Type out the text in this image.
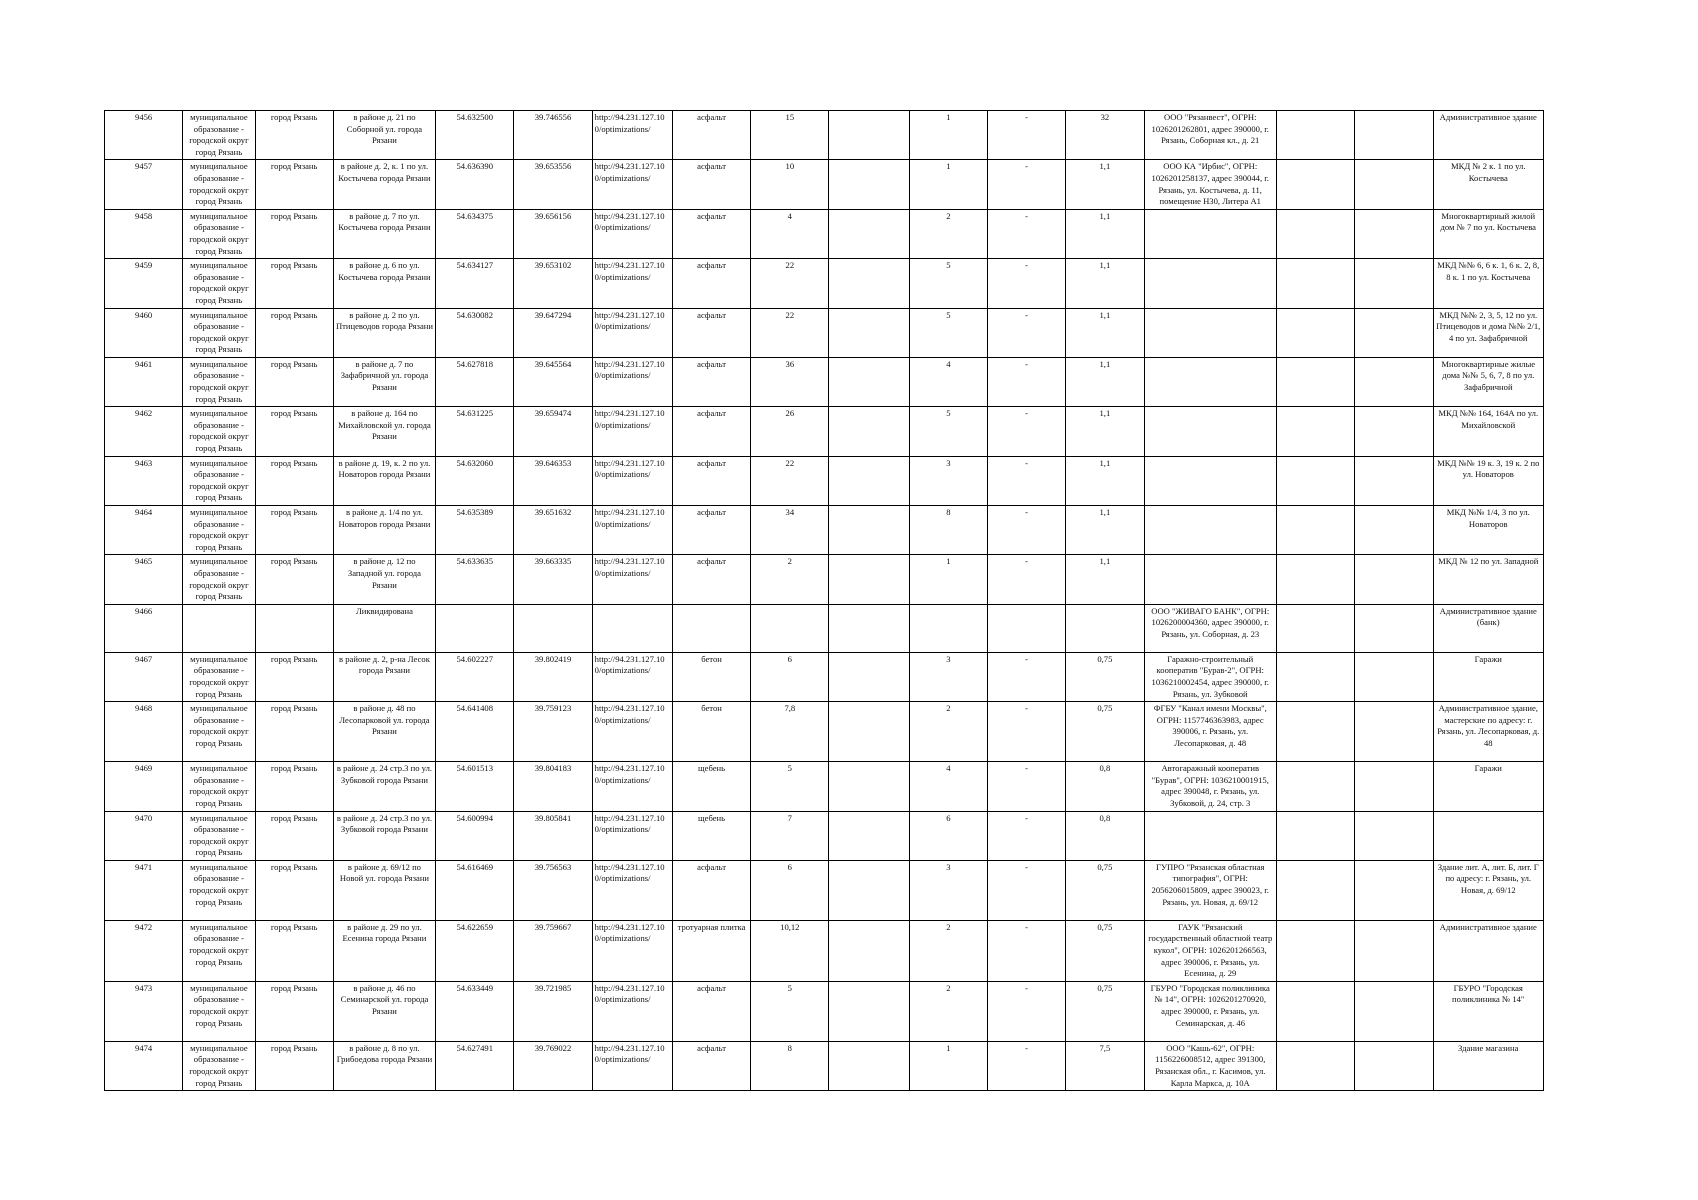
9456	муниципальное образование - городской округ город Рязань	город Рязань	в районе д. 21 по Соборной ул. города Рязани	54.632500	39.746556	http://94.231.127.10 0/optimizations/	асфальт	15		1	-	32	ООО "Рязанвест", ОГРН: 1026201262801, адрес 390000, г. Рязань, Соборная кл., д. 21			Административное здание
9457	муниципальное образование - городской округ город Рязань	город Рязань	в районе д. 2, к. 1 по ул. Костычева города Рязани	54.636390	39.653556	http://94.231.127.10 0/optimizations/	асфальт	10		1	-	1,1	ООО КА "Ирбис", ОГРН: 1026201258137, адрес 390044, г. Рязань, ул. Костычева, д. 11, помещение Н30, Литера А1			МКД № 2 к. 1 по ул. Костычева
9458	муниципальное образование - городской округ город Рязань	город Рязань	в районе д. 7 по ул. Костычева города Рязани	54.634375	39.656156	http://94.231.127.10 0/optimizations/	асфальт	4		2	-	1,1				Многоквартирный жилой дом № 7 по ул. Костычева
9459	муниципальное образование - городской округ город Рязань	город Рязань	в районе д. 6 по ул. Костычева города Рязани	54.634127	39.653102	http://94.231.127.10 0/optimizations/	асфальт	22		5	-	1,1				МКД №№ 6, 6 к. 1, 6 к. 2, 8, 8 к. 1 по ул. Костычева
9460	муниципальное образование - городской округ город Рязань	город Рязань	в районе д. 2 по ул. Птицеводов города Рязани	54.630082	39.647294	http://94.231.127.10 0/optimizations/	асфальт	22		5	-	1,1				МКД №№ 2, 3, 5, 12 по ул. Птицеводов и дома №№ 2/1, 4 по ул. Зафабричной
9461	муниципальное образование - городской округ город Рязань	город Рязань	в районе д. 7 по Зафабричной ул. города Рязани	54.627818	39.645564	http://94.231.127.10 0/optimizations/	асфальт	36		4	-	1,1				Многоквартирные жилые дома №№ 5, 6, 7, 8 по ул. Зафабричной
9462	муниципальное образование - городской округ город Рязань	город Рязань	в районе д. 164 по Михайловской ул. города Рязани	54.631225	39.659474	http://94.231.127.10 0/optimizations/	асфальт	26		5	-	1,1				МКД №№ 164, 164А по ул. Михайловской
9463	муниципальное образование - городской округ город Рязань	город Рязань	в районе д. 19, к. 2 по ул. Новаторов города Рязани	54.632060	39.646353	http://94.231.127.10 0/optimizations/	асфальт	22		3	-	1,1				МКД №№ 19 к. 3, 19 к. 2 по ул. Новаторов
9464	муниципальное образование - городской округ город Рязань	город Рязань	в районе д. 1/4 по ул. Новаторов города Рязани	54.635389	39.651632	http://94.231.127.10 0/optimizations/	асфальт	34		8	-	1,1				МКД №№ 1/4, 3 по ул. Новаторов
9465	муниципальное образование - городской округ город Рязань	город Рязань	в районе д. 12 по Западной ул. города Рязани	54.633635	39.663335	http://94.231.127.10 0/optimizations/	асфальт	2		1	-	1,1				МКД № 12 по ул. Западной
9466			Ликвидирована										ООО "ЖИВАГО БАНК", ОГРН: 1026200004360, адрес 390000, г. Рязань, ул. Соборная, д. 23			Административное здание (банк)
9467	муниципальное образование - городской округ город Рязань	город Рязань	в районе д. 2, р-на Лесок города Рязани	54.602227	39.802419	http://94.231.127.10 0/optimizations/	бетон	6		3	-	0,75	Гаражно-строительный кооператив "Бурав-2", ОГРН: 1036210002454, адрес 390000, г. Рязань, ул. Зубковой			Гаражи
9468	муниципальное образование - городской округ город Рязань	город Рязань	в районе д. 48 по Лесопарковой ул. города Рязани	54.641408	39.759123	http://94.231.127.10 0/optimizations/	бетон	7,8		2	-	0,75	ФГБУ "Канал имени Москвы", ОГРН: 1157746363983, адрес 390006, г. Рязань, ул. Лесопарковая, д. 48			Административное здание, мастерские по адресу: г. Рязань, ул. Лесопарковая, д. 48
9469	муниципальное образование - городской округ город Рязань	город Рязань	в районе д. 24 стр.3 по ул. Зубковой города Рязани	54.601513	39.804183	http://94.231.127.10 0/optimizations/	щебень	5		4	-	0,8	Автогаражный кооператив "Бурав", ОГРН: 1036210001915, адрес 390048, г. Рязань, ул. Зубковой, д. 24, стр. 3			Гаражи
9470	муниципальное образование - городской округ город Рязань	город Рязань	в районе д. 24 стр.3 по ул. Зубковой города Рязани	54.600994	39.805841	http://94.231.127.10 0/optimizations/	щебень	7		6	-	0,8				
9471	муниципальное образование - городской округ город Рязань	город Рязань	в районе д. 69/12 по Новой ул. города Рязани	54.616469	39.756563	http://94.231.127.10 0/optimizations/	асфальт	6		3	-	0,75	ГУПРО "Рязанская областная типография", ОГРН: 2056206015809, адрес 390023, г. Рязань, ул. Новая, д. 69/12			Здание лит. А, лит. Б, лит. Г по адресу: г. Рязань, ул. Новая, д. 69/12
9472	муниципальное образование - городской округ город Рязань	город Рязань	в районе д. 29 по ул. Есенина города Рязани	54.622659	39.759667	http://94.231.127.10 0/optimizations/	тротуарная плитка	10,12		2	-	0,75	ГАУК "Рязанский государственный областной театр кукол", ОГРН: 1026201266563, адрес 390006, г. Рязань, ул. Есенина, д. 29			Административное здание
9473	муниципальное образование - городской округ город Рязань	город Рязань	в районе д. 46 по Семинарской ул. города Рязани	54.633449	39.721985	http://94.231.127.10 0/optimizations/	асфальт	5		2	-	0,75	ГБУРО "Городская поликлиника № 14", ОГРН: 1026201270920, адрес 390000, г. Рязань, ул. Семинарская, д. 46			ГБУРО "Городская поликлиника № 14"
9474	муниципальное образование - городской округ город Рязань	город Рязань	в районе д. 8 по ул. Грибоедова города Рязани	54.627491	39.769022	http://94.231.127.10 0/optimizations/	асфальт	8		1	-	7,5	ООО "Кашь-62", ОГРН: 1156226008512, адрес 391300, Рязанская обл., г. Касимов, ул. Карла Маркса, д. 10А			Здание магазина
